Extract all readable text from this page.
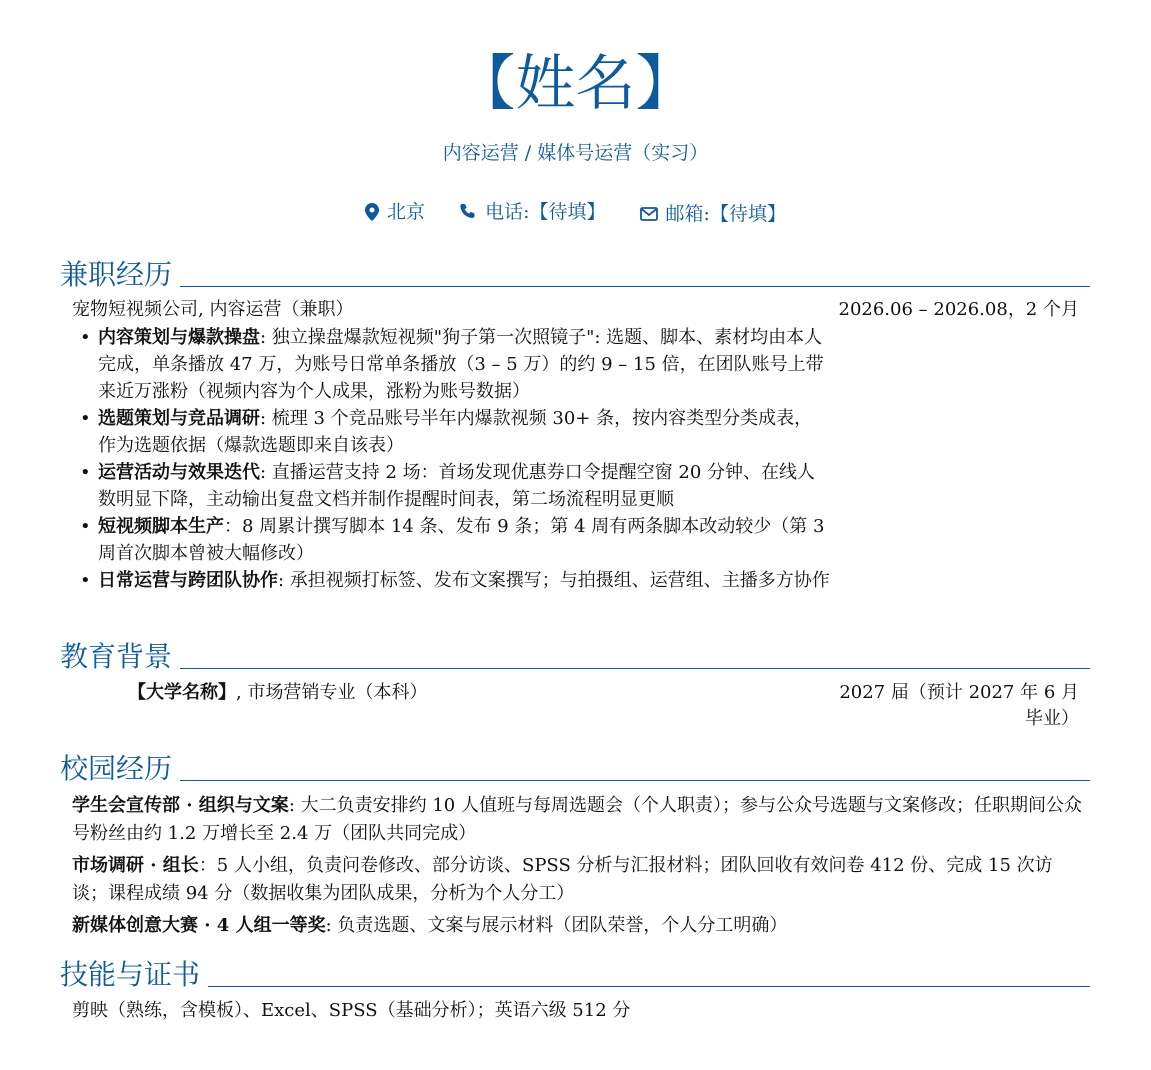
【姓名】
内容运营 / 媒体号运营（实习）
北京
	电话:【待填】
	邮箱:【待填】
兼职经历
宠物短视频公司, 内容运营（兼职）	2026.06 – 2026.08，2 个月
• 内容策划与爆款操盘: 独立操盘爆款短视频"狗子第一次照镜子": 选题、脚本、素材均由本人完成，单条播放 47 万，为账号日常单条播放（3 – 5 万）的约 9 – 15 倍，在团队账号上带来近万涨粉（视频内容为个人成果，涨粉为账号数据）
• 选题策划与竞品调研: 梳理 3 个竞品账号半年内爆款视频 30+ 条，按内容类型分类成表，作为选题依据（爆款选题即来自该表）
• 运营活动与效果迭代: 直播运营支持 2 场：首场发现优惠券口令提醒空窗 20 分钟、在线人数明显下降，主动输出复盘文档并制作提醒时间表，第二场流程明显更顺
• 短视频脚本生产：8 周累计撰写脚本 14 条、发布 9 条；第 4 周有两条脚本改动较少（第 3 周首次脚本曾被大幅修改）
• 日常运营与跨团队协作: 承担视频打标签、发布文案撰写；与拍摄组、运营组、主播多方协作
教育背景
【大学名称】, 市场营销专业（本科）	2027 届（预计 2027 年 6 月
毕业）
校园经历

学生会宣传部 · 组织与文案: 大二负责安排约 10 人值班与每周选题会（个人职责）；参与公众号选题与文案修改；任职期间公众号粉丝由约 1.2 万增长至 2.4 万（团队共同完成）

市场调研 · 组长：5 人小组，负责问卷修改、部分访谈、SPSS 分析与汇报材料；团队回收有效问卷 412 份、完成 15 次访谈；课程成绩 94 分（数据收集为团队成果，分析为个人分工）

新媒体创意大赛 · 4 人组一等奖: 负责选题、文案与展示材料（团队荣誉，个人分工明确）

技能与证书
剪映（熟练，含模板）、Excel、SPSS（基础分析）；英语六级 512 分
